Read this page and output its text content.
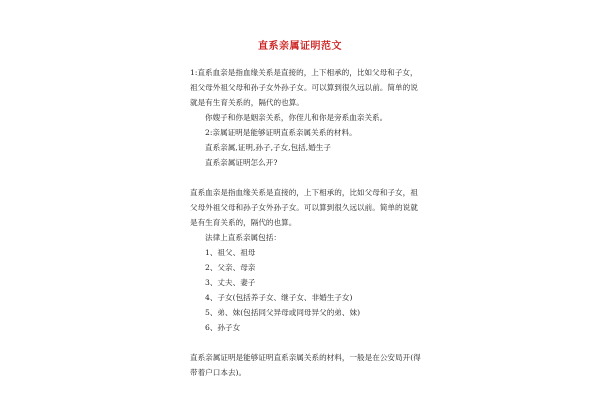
直系亲属证明范文
1:直系血亲是指血缘关系是直接的，上下相承的，比如父母和子女，
祖父母外祖父母和孙子女外孙子女。可以算到很久远以前。简单的说
就是有生育关系的，隔代的也算。
你嫂子和你是姻亲关系，你侄儿和你是旁系血亲关系。
2:亲属证明是能够证明直系亲属关系的材料。
直系亲属,证明,孙子,子女,包括,婚生子
直系亲属证明怎么开?
直系血亲是指血缘关系是直接的，上下相承的，比如父母和子女，祖
父母外祖父母和孙子女外孙子女。可以算到很久远以前。简单的说就
是有生育关系的，隔代的也算。
法律上直系亲属包括：
1、祖父、祖母
2、父亲、母亲
3、丈夫、妻子
4、子女(包括养子女、继子女、非婚生子女)
5、弟、妹(包括同父异母或同母异父的弟、妹)
6、孙子女
直系亲属证明是能够证明直系亲属关系的材料，一般是在公安局开(得
带着户口本去)。
